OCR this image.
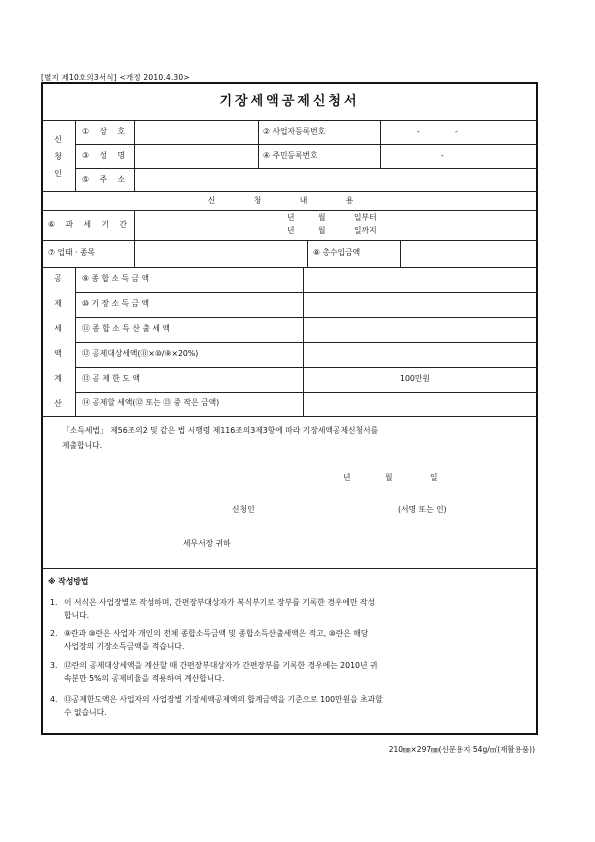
[별지 제10호의3서식] <개정 2010.4.30>
기장세액공제신청서
신
청
인
① 상 호	② 사업자등록번호	-	-
③ 성 명	④ 주민등록번호	-
⑤ 주 소
신 청 내 용
⑥ 과 세 기 간
년	월	일부터
년	월	일까지
⑦ 업태 · 종목	⑧ 총수입금액
공
제
세
액
계
산
⑨ 종 합 소 득 금 액
⑩ 기 장 소 득 금 액
⑪ 종 합 소 득 산 출 세 액
⑫ 공제대상세액(⑪×⑩/⑨×20%)
⑬ 공 제 한 도 액	100만원
⑭ 공제할 세액(⑫ 또는 ⑬ 중 작은 금액)
「소득세법」 제56조의2 및 같은 법 시행령 제116조의3제3항에 따라 기장세액공제신청서를
제출합니다.
년	월	일
신청인	(서명 또는 인)
세무서장 귀하
※ 작성방법
1. 이 서식은 사업장별로 작성하며, 간편장부대상자가 복식부기로 장부를 기록한 경우에만 작성
합니다.
2. ⑨란과 ⑩란은 사업자 개인의 전체 종합소득금액 및 종합소득산출세액은 적고, ⑩란은 해당
사업장의 기장소득금액을 적습니다.
3. ⑫란의 공제대상세액을 계산할 때 간편장부대상자가 간편장부를 기록한 경우에는 2010년 귀
속분만 5%의 공제비율을 적용하여 계산합니다.
4. ⑬공제한도액은 사업자의 사업장별 기장세액공제액의 합계금액을 기준으로 100만원을 초과할
수 없습니다.
210㎜×297㎜(신문용지 54g/㎡(재활용품))
